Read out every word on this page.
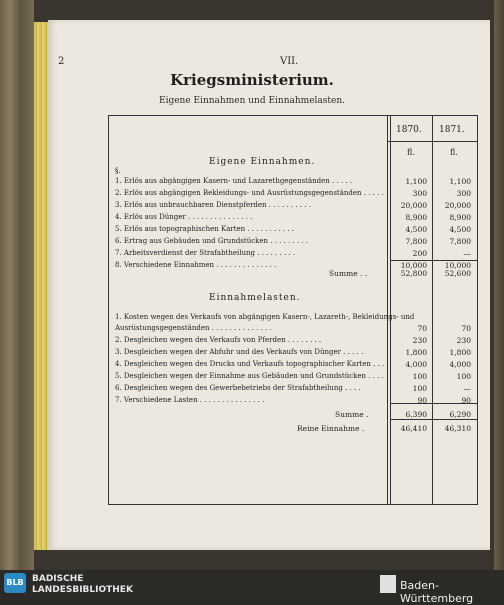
2	VII.
Kriegsministerium.
Eigene Einnahmen und Einnahmelasten.
1870. 1871.
fl.	fl.
Eigene Einnahmen.
§.
1. Erlös aus abgängigen Kasern- und Lazarethgegenständen . . . . .	1,100	1,100
2. Erlös aus abgängigen Bekleidungs- und Ausrüstungsgegenständen . . . . .	300	300
3. Erlös aus unbrauchbaren Dienstpferden . . . . . . . . . .	20,000	20,000
4. Erlös aus Dünger . . . . . . . . . . . . . . .	8,900	8,900
5. Erlös aus topographischen Karten . . . . . . . . . . .	4,500	4,500
6. Ertrag aus Gebäuden und Grundstücken . . . . . . . . .	7,800	7,800
7. Arbeitsverdienst der Strafabtheilung . . . . . . . . .	200	—
8. Verschiedene Einnahmen . . . . . . . . . . . . . .	10,000	10,000
Summe . .	52,800	52,600
Einnahmelasten.
1. Kosten wegen des Verkaufs von abgängigen Kasern-, Lazareth-, Bekleidungs- und
Ausrüstungsgegenständen . . . . . . . . . . . . . .	70	70
2. Desgleichen wegen des Verkaufs von Pferden . . . . . . . .	230	230
3. Desgleichen wegen der Abfuhr und des Verkaufs von Dünger . . . . .	1,800	1,800
4. Desgleichen wegen des Drucks und Verkaufs topographischer Karten . . . .	4,000	4,000
5. Desgleichen wegen der Einnahme aus Gebäuden und Grundstücken . . . .	100	100
6. Desgleichen wegen des Gewerbebetriebs der Strafabtheilung . . . .	100	—
7. Verschiedene Lasten . . . . . . . . . . . . . . .	90	90
Summe .	6,390	6,290
Reine Einnahme .	46,410	46,310
BLB BADISCHE
LANDESBIBLIOTHEK	Baden-Württemberg
